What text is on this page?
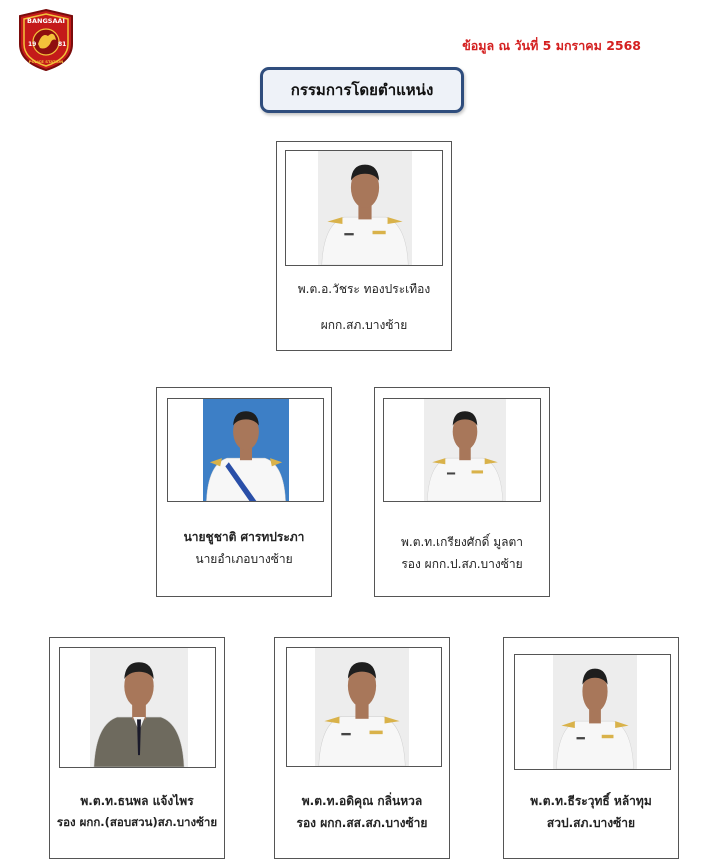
BANGSAAI
19	81
POLICE STATION
ข้อมูล ณ วันที่ 5 มกราคม 2568
กรรมการโดยตำแหน่ง
พ.ต.อ.วัชระ ทองประเทือง
ผกก.สภ.บางซ้าย
นายชูชาติ ศารทประภา
นายอำเภอบางซ้าย
พ.ต.ท.เกรียงศักดิ์ มูลตา
รอง ผกก.ป.สภ.บางซ้าย
พ.ต.ท.ธนพล แจ้งไพร
รอง ผกก.(สอบสวน)สภ.บางซ้าย
พ.ต.ท.อดิคุณ กลิ่นหวล
รอง ผกก.สส.สภ.บางซ้าย
พ.ต.ท.ธีระวุทธิ์ หล้าทุม
สวป.สภ.บางซ้าย
